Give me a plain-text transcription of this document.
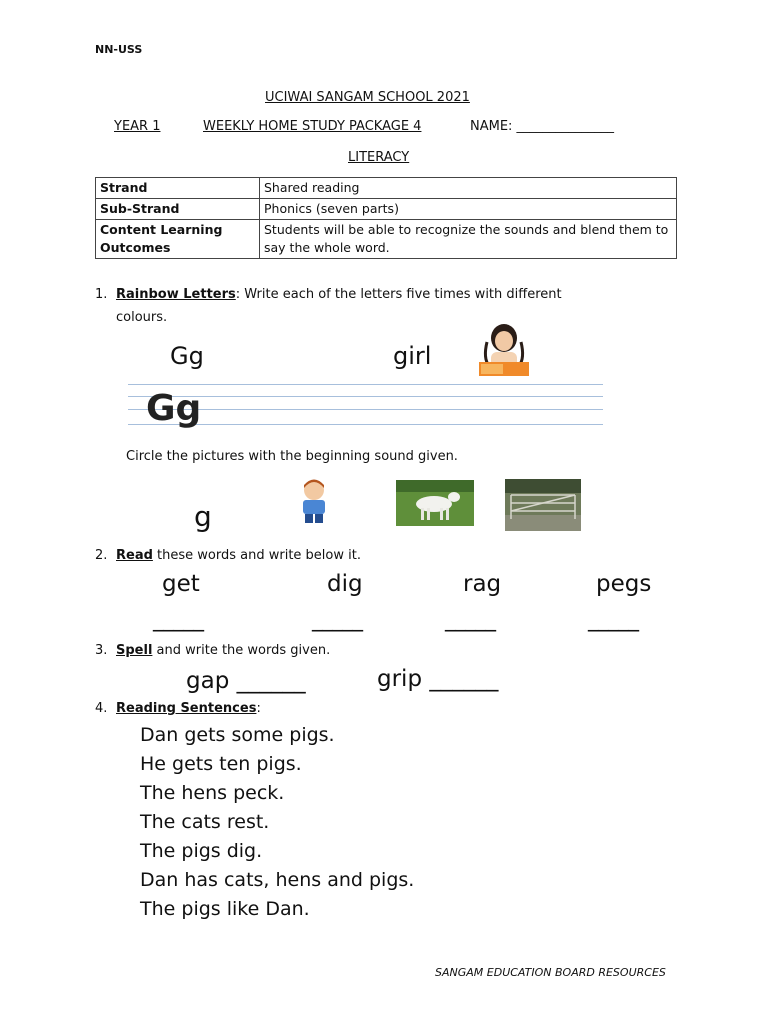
NN-USS
UCIWAI SANGAM SCHOOL 2021
YEAR 1	WEEKLY HOME STUDY PACKAGE 4	NAME: _______________
LITERACY
Strand	Shared reading
Sub-Strand	Phonics (seven parts)
Content Learning Outcomes	Students will be able to recognize the sounds and blend them to say the whole word.
1. Rainbow Letters: Write each of the letters five times with different
colours.
Gg	girl
Gg
Circle the pictures with the beginning sound given.
g
2. Read these words and write below it.
get	dig	rag	pegs
_____	_____	_____	_____
3. Spell and write the words given.
gap ______	grip ______
4. Reading Sentences:
Dan gets some pigs.
He gets ten pigs.
The hens peck.
The cats rest.
The pigs dig.
Dan has cats, hens and pigs.
The pigs like Dan.
SANGAM EDUCATION BOARD RESOURCES
